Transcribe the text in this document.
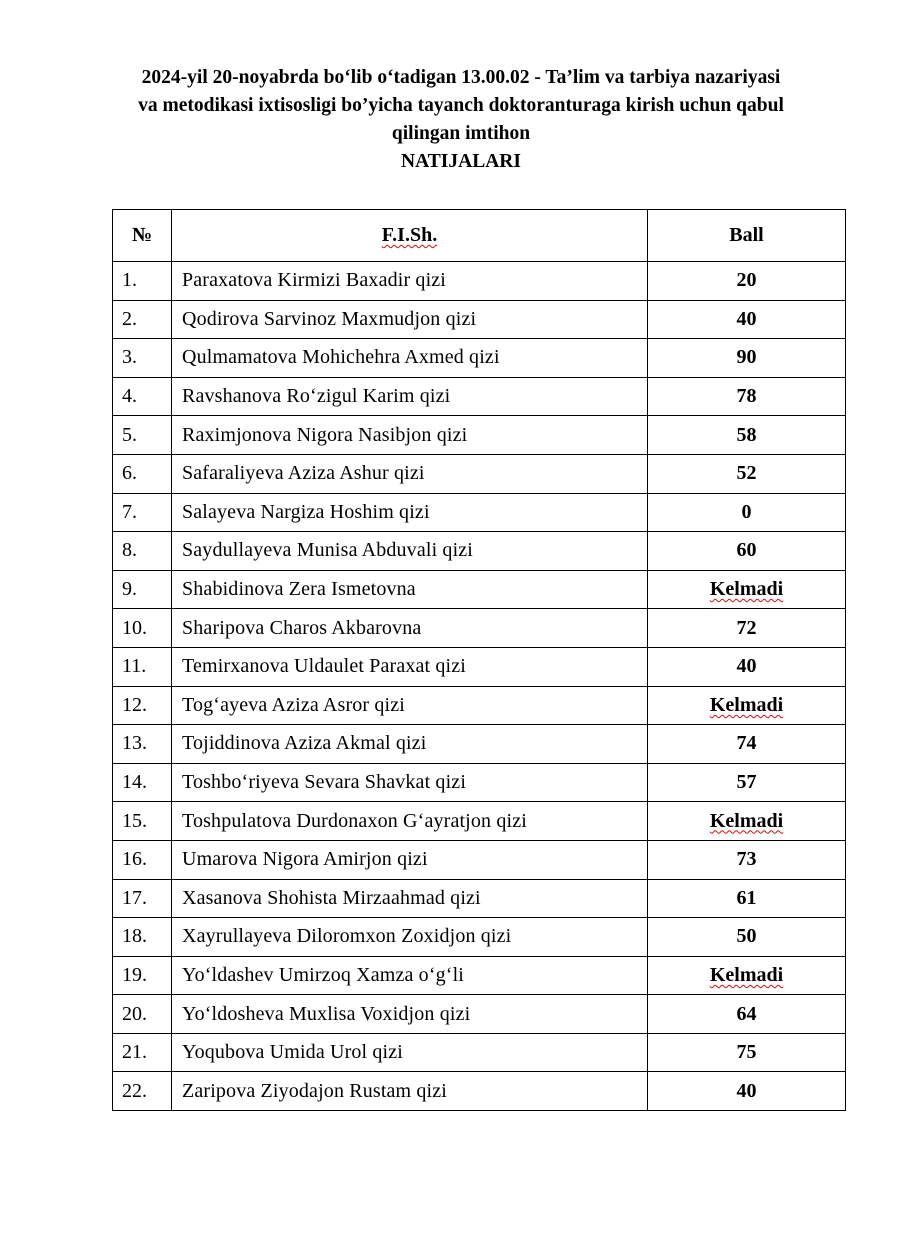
2024-yil 20-noyabrda bo‘lib o‘tadigan 13.00.02 - Ta’lim va tarbiya nazariyasi
va metodikasi ixtisosligi bo’yicha tayanch doktoranturaga kirish uchun qabul
qilingan imtihon
NATIJALARI
№	F.I.Sh.	Ball
1.	Paraxatova Kirmizi Baxadir qizi	20
2.	Qodirova Sarvinoz Maxmudjon qizi	40
3.	Qulmamatova Mohichehra Axmed qizi	90
4.	Ravshanova Ro‘zigul Karim qizi	78
5.	Raximjonova Nigora Nasibjon qizi	58
6.	Safaraliyeva Aziza Ashur qizi	52
7.	Salayeva Nargiza Hoshim qizi	0
8.	Saydullayeva Munisa Abduvali qizi	60
9.	Shabidinova Zera Ismetovna	Kelmadi
10.	Sharipova Charos Akbarovna	72
11.	Temirxanova Uldaulet Paraxat qizi	40
12.	Tog‘ayeva Aziza Asror qizi	Kelmadi
13.	Tojiddinova Aziza Akmal qizi	74
14.	Toshbo‘riyeva Sevara Shavkat qizi	57
15.	Toshpulatova Durdonaxon G‘ayratjon qizi	Kelmadi
16.	Umarova Nigora Amirjon qizi	73
17.	Xasanova Shohista Mirzaahmad qizi	61
18.	Xayrullayeva Diloromxon Zoxidjon qizi	50
19.	Yo‘ldashev Umirzoq Xamza o‘g‘li	Kelmadi
20.	Yo‘ldosheva Muxlisa Voxidjon qizi	64
21.	Yoqubova Umida Urol qizi	75
22.	Zaripova Ziyodajon Rustam qizi	40
